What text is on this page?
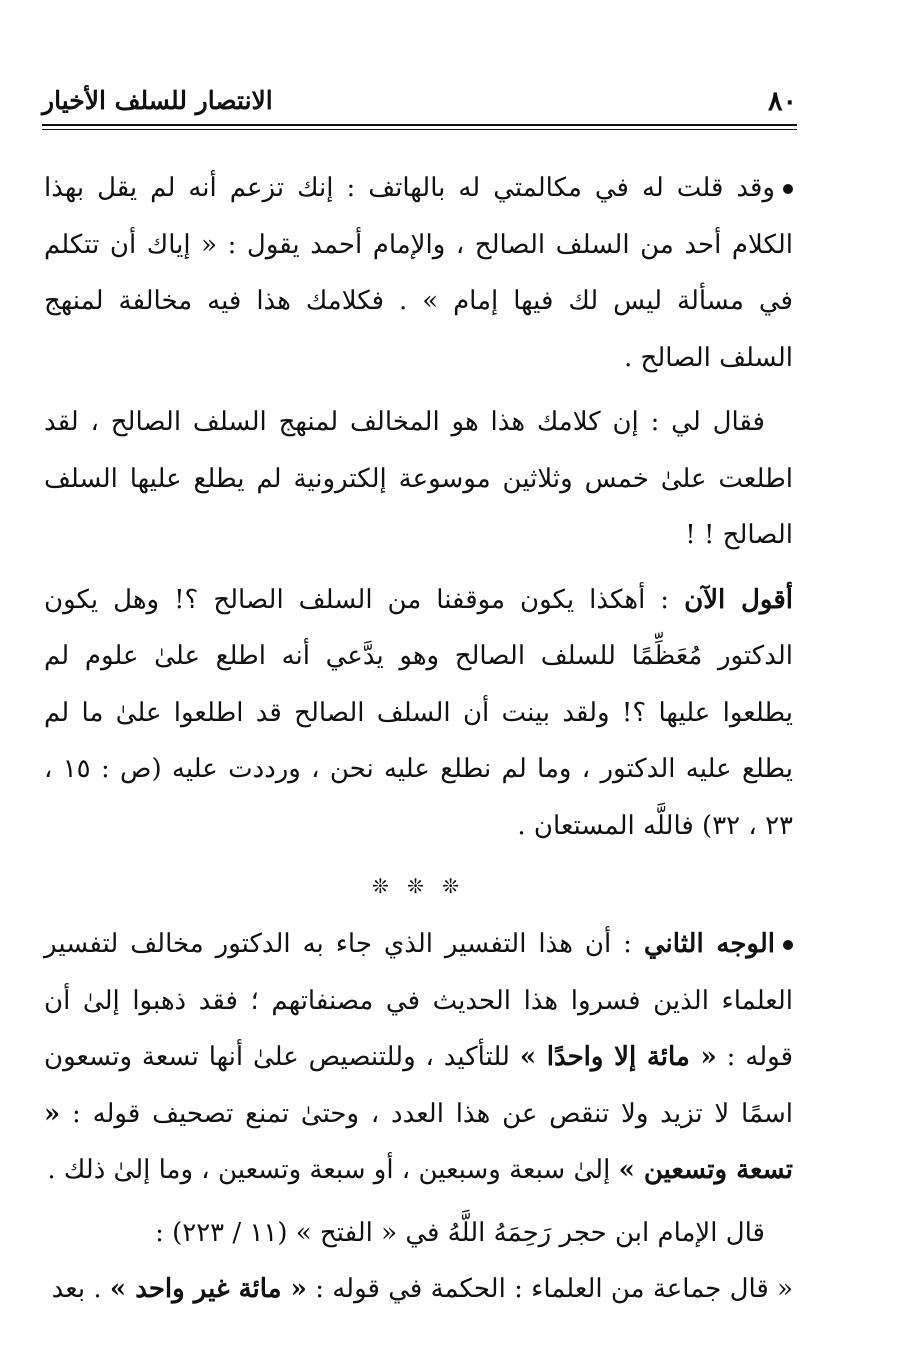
٨٠
الانتصار للسلف الأخيار

وقد قلت له في مكالمتي له بالهاتف : إنك تزعم أنه لم يقل بهذا الكلام أحد من السلف الصالح ، والإمام أحمد يقول : « إياك أن تتكلم في مسألة ليس لك فيها إمام » . فكلامك هذا فيه مخالفة لمنهج السلف الصالح .

فقال لي : إن كلامك هذا هو المخالف لمنهج السلف الصالح ، لقد اطلعت علىٰ خمس وثلاثين موسوعة إلكترونية لم يطلع عليها السلف الصالح ! !

أقول الآن : أهكذا يكون موقفنا من السلف الصالح ؟! وهل يكون الدكتور مُعَظِّمًا للسلف الصالح وهو يدَّعي أنه اطلع علىٰ علوم لم يطلعوا عليها ؟! ولقد بينت أن السلف الصالح قد اطلعوا علىٰ ما لم يطلع عليه الدكتور ، وما لم نطلع عليه نحن ، ورددت عليه (ص : ١٥ ، ٢٣ ، ٣٢) فاللَّه المستعان .

❊ ❊ ❊

الوجه الثاني : أن هذا التفسير الذي جاء به الدكتور مخالف لتفسير العلماء الذين فسروا هذا الحديث في مصنفاتهم ؛ فقد ذهبوا إلىٰ أن قوله : « مائة إلا واحدًا » للتأكيد ، وللتنصيص علىٰ أنها تسعة وتسعون اسمًا لا تزيد ولا تنقص عن هذا العدد ، وحتىٰ تمنع تصحيف قوله : « تسعة وتسعين » إلىٰ سبعة وسبعين ، أو سبعة وتسعين ، وما إلىٰ ذلك .

قال الإمام ابن حجر رَحِمَهُ اللَّهُ في « الفتح » (١١ / ٢٢٣) :

« قال جماعة من العلماء : الحكمة في قوله : « مائة غير واحد » . بعد
